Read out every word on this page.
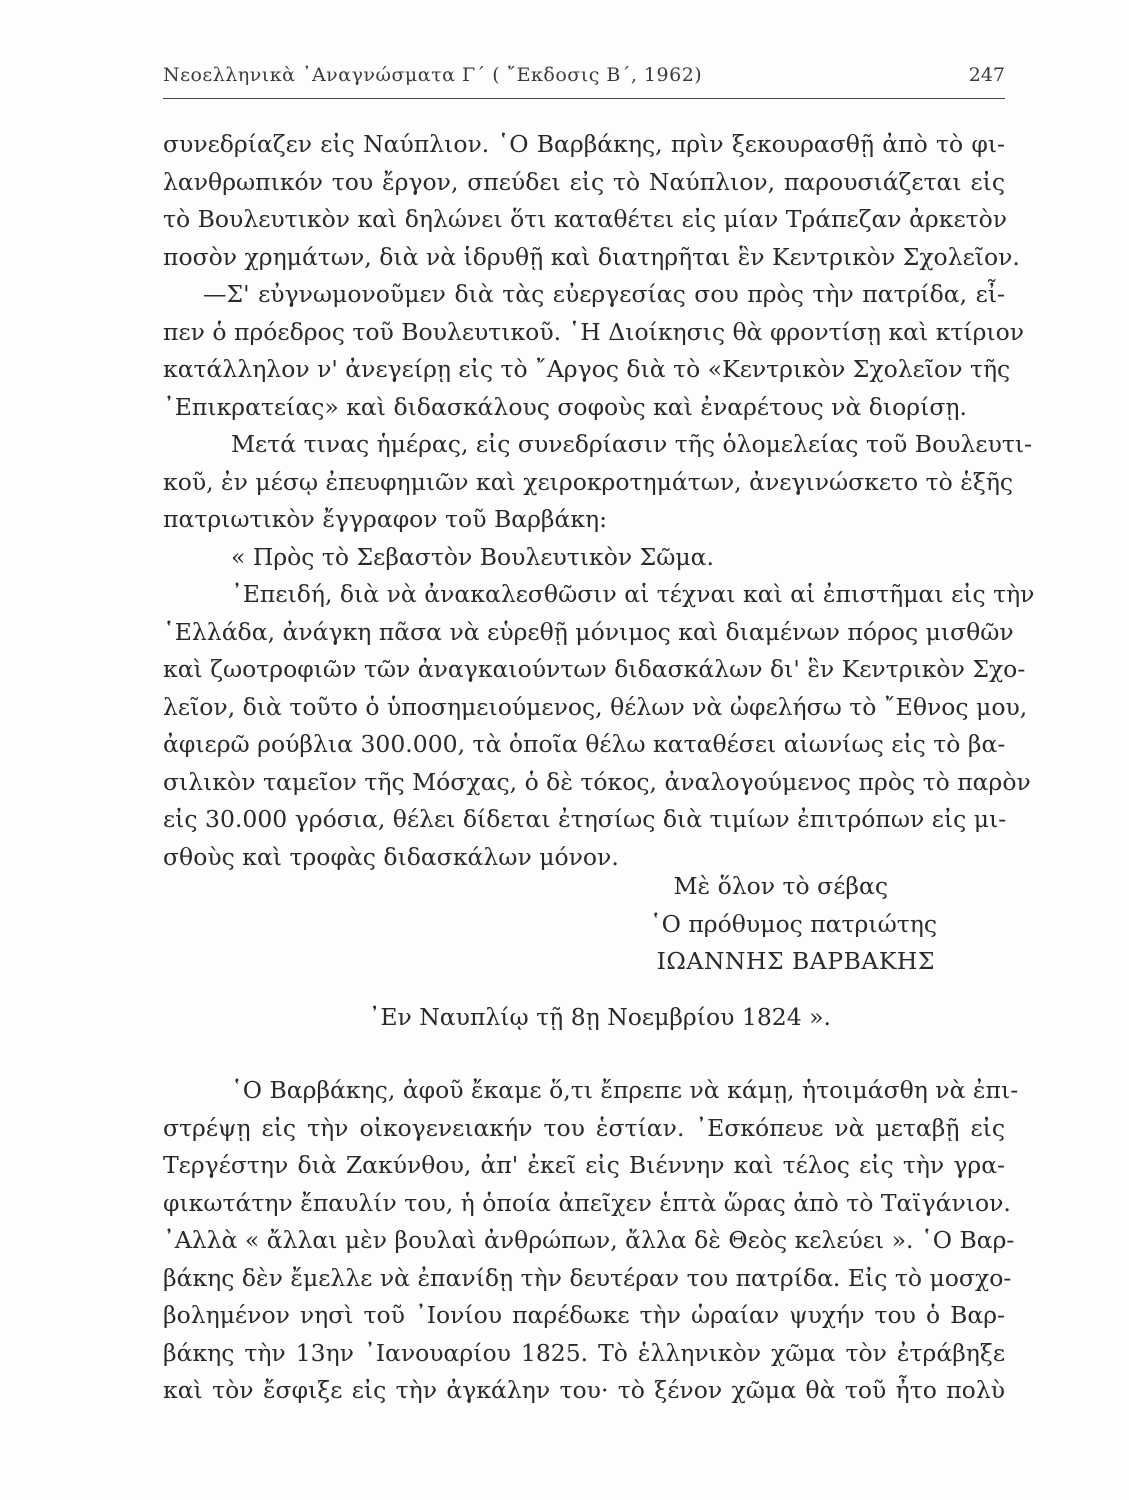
Νεοελληνικὰ ᾿Αναγνώσματα Γ΄ ( ῎Εκδοσις Β΄, 1962)	247
συνεδρίαζεν εἰς Ναύπλιον. ῾Ο Βαρβάκης, πρὶν ξεκουρασθῇ ἀπὸ τὸ φι-
λανθρωπικόν του ἔργον, σπεύδει εἰς τὸ Ναύπλιον, παρουσιάζεται εἰς
τὸ Βουλευτικὸν καὶ δηλώνει ὅτι καταθέτει εἰς μίαν Τράπεζαν ἀρκετὸν
ποσὸν χρημάτων, διὰ νὰ ἱδρυθῇ καὶ διατηρῆται ἓν Κεντρικὸν Σχολεῖον.
—Σ' εὐγνωμονοῦμεν διὰ τὰς εὐεργεσίας σου πρὸς τὴν πατρίδα, εἶ-
πεν ὁ πρόεδρος τοῦ Βουλευτικοῦ. ῾Η Διοίκησις θὰ φροντίσῃ καὶ κτίριον
κατάλληλον ν' ἀνεγείρῃ εἰς τὸ ῎Αργος διὰ τὸ «Κεντρικὸν Σχολεῖον τῆς
᾿Επικρατείας» καὶ διδασκάλους σοφοὺς καὶ ἐναρέτους νὰ διορίσῃ.
Μετά τινας ἡμέρας, εἰς συνεδρίασιν τῆς ὁλομελείας τοῦ Βουλευτι-
κοῦ, ἐν μέσῳ ἐπευφημιῶν καὶ χειροκροτημάτων, ἀνεγινώσκετο τὸ ἑξῆς
πατριωτικὸν ἔγγραφον τοῦ Βαρβάκη:
« Πρὸς τὸ Σεβαστὸν Βουλευτικὸν Σῶμα.
᾿Επειδή, διὰ νὰ ἀνακαλεσθῶσιν αἱ τέχναι καὶ αἱ ἐπιστῆμαι εἰς τὴν
῾Ελλάδα, ἀνάγκη πᾶσα νὰ εὑρεθῇ μόνιμος καὶ διαμένων πόρος μισθῶν
καὶ ζωοτροφιῶν τῶν ἀναγκαιούντων διδασκάλων δι' ἓν Κεντρικὸν Σχο-
λεῖον, διὰ τοῦτο ὁ ὑποσημειούμενος, θέλων νὰ ὠφελήσω τὸ ῎Εθνος μου,
ἀφιερῶ ρούβλια 300.000, τὰ ὁποῖα θέλω καταθέσει αἰωνίως εἰς τὸ βα-
σιλικὸν ταμεῖον τῆς Μόσχας, ὁ δὲ τόκος, ἀναλογούμενος πρὸς τὸ παρὸν
εἰς 30.000 γρόσια, θέλει δίδεται ἐτησίως διὰ τιμίων ἐπιτρόπων εἰς μι-
σθοὺς καὶ τροφὰς διδασκάλων μόνον.
Μὲ ὅλον τὸ σέβας
῾Ο πρόθυμος πατριώτης
ΙΩΑΝΝΗΣ ΒΑΡΒΑΚΗΣ
᾿Εν Ναυπλίῳ τῇ 8ῃ Νοεμβρίου 1824 ».
῾Ο Βαρβάκης, ἀφοῦ ἔκαμε ὅ,τι ἔπρεπε νὰ κάμῃ, ἡτοιμάσθη νὰ ἐπι-
στρέψῃ εἰς τὴν οἰκογενειακήν του ἑστίαν. ᾿Εσκόπευε νὰ μεταβῇ εἰς
Τεργέστην διὰ Ζακύνθου, ἀπ' ἐκεῖ εἰς Βιέννην καὶ τέλος εἰς τὴν γρα-
φικωτάτην ἔπαυλίν του, ἡ ὁποία ἀπεῖχεν ἑπτὰ ὥρας ἀπὸ τὸ Ταϊγάνιον.
᾿Αλλὰ « ἄλλαι μὲν βουλαὶ ἀνθρώπων, ἄλλα δὲ Θεὸς κελεύει ». ῾Ο Βαρ-
βάκης δὲν ἔμελλε νὰ ἐπανίδῃ τὴν δευτέραν του πατρίδα. Εἰς τὸ μοσχο-
βολημένον νησὶ τοῦ ᾿Ιονίου παρέδωκε τὴν ὡραίαν ψυχήν του ὁ Βαρ-
βάκης τὴν 13ην ᾿Ιανουαρίου 1825. Τὸ ἑλληνικὸν χῶμα τὸν ἐτράβηξε
καὶ τὸν ἔσφιξε εἰς τὴν ἀγκάλην του· τὸ ξένον χῶμα θὰ τοῦ ἦτο πολὺ
